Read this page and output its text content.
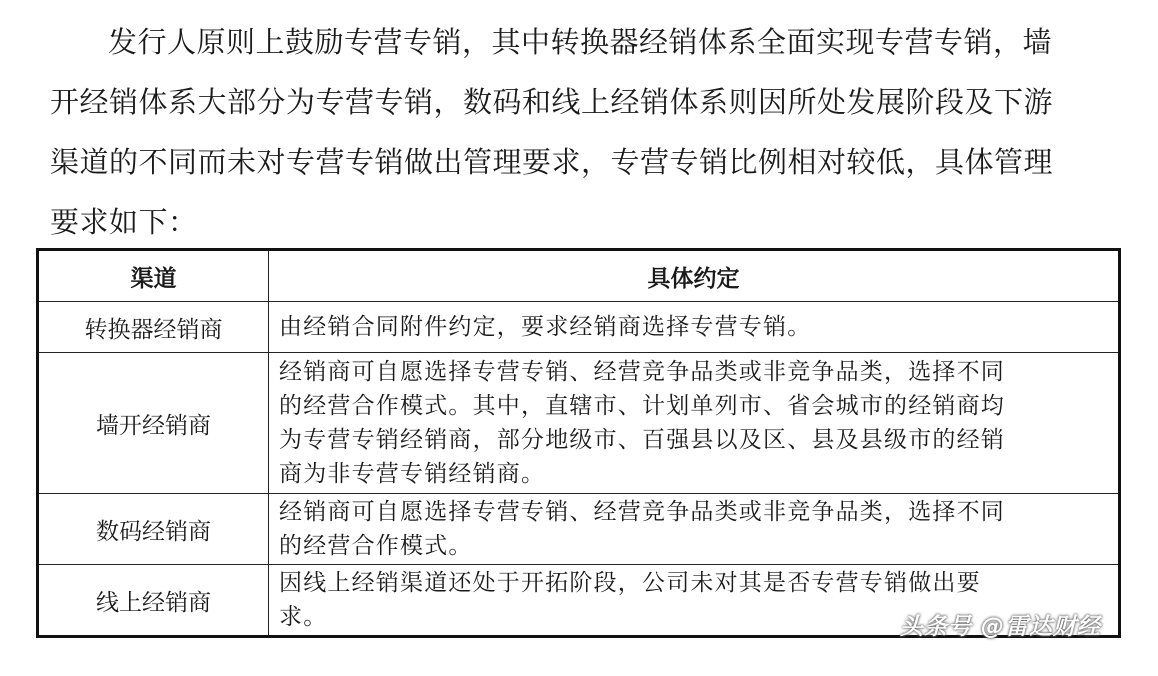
发行人原则上鼓励专营专销，其中转换器经销体系全面实现专营专销，墙
开经销体系大部分为专营专销，数码和线上经销体系则因所处发展阶段及下游
渠道的不同而未对专营专销做出管理要求，专营专销比例相对较低，具体管理
要求如下：
渠道	具体约定
转换器经销商	由经销合同附件约定，要求经销商选择专营专销。

墙开经销商	经销商可自愿选择专营专销、经营竞争品类或非竞争品类，选择不同
的经营合作模式。其中，直辖市、计划单列市、省会城市的经销商均
为专营专销经销商，部分地级市、百强县以及区、县及县级市的经销
商为非专营专销经销商。

数码经销商	经销商可自愿选择专营专销、经营竞争品类或非竞争品类，选择不同
的经营合作模式。

线上经销商	因线上经销渠道还处于开拓阶段，公司未对其是否专营专销做出要
求。	头条号 @雷达财经
